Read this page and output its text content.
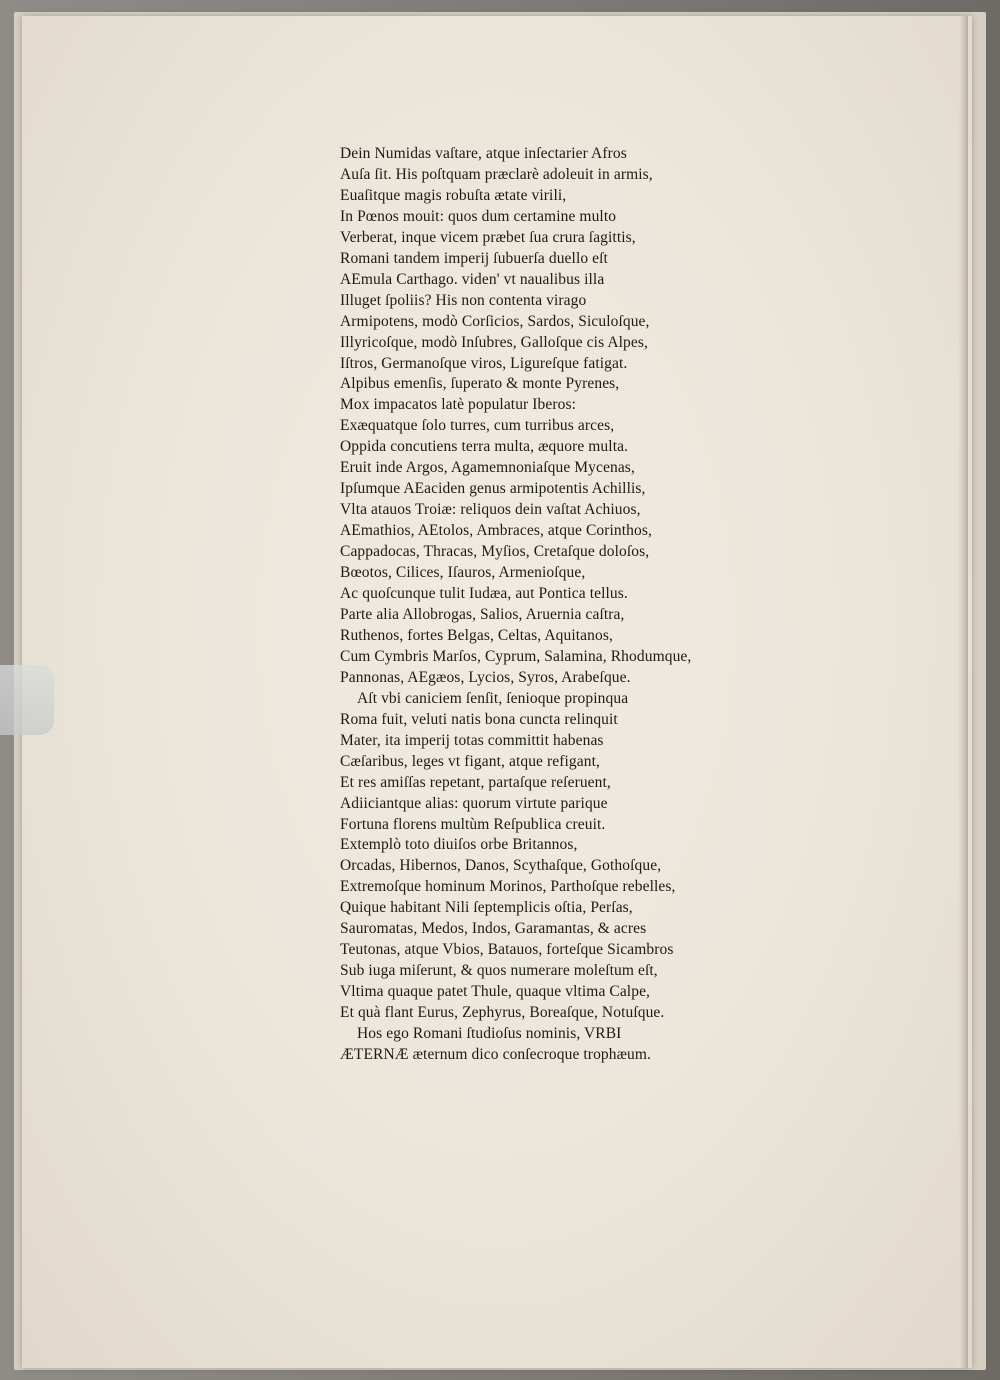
Dein Numidas vaſtare, atque inſectarier Afros

Auſa ſit. His poſtquam præclarè adoleuit in armis,

Euaſitque magis robuſta ætate virili,

In Pœnos mouit: quos dum certamine multo

Verberat, inque vicem præbet ſua crura ſagittis,

Romani tandem imperij ſubuerſa duello eſt

AEmula Carthago. viden' vt naualibus illa

Illuget ſpoliis? His non contenta virago

Armipotens, modò Corſicios, Sardos, Siculoſque,

Illyricoſque, modò Inſubres, Galloſque cis Alpes,

Iſtros, Germanoſque viros, Ligureſque fatigat.

Alpibus emenſis, ſuperato & monte Pyrenes,

Mox impacatos latè populatur Iberos:

Exæquatque ſolo turres, cum turribus arces,

Oppida concutiens terra multa, æquore multa.

Eruit inde Argos, Agamemnoniaſque Mycenas,

Ipſumque AEaciden genus armipotentis Achillis,

Vlta atauos Troiæ: reliquos dein vaſtat Achiuos,

AEmathios, AEtolos, Ambraces, atque Corinthos,

Cappadocas, Thracas, Myſios, Cretaſque doloſos,

Bœotos, Cilices, Iſauros, Armenioſque,

Ac quoſcunque tulit Iudæa, aut Pontica tellus.

Parte alia Allobrogas, Salios, Aruernia caſtra,

Ruthenos, fortes Belgas, Celtas, Aquitanos,

Cum Cymbris Marſos, Cyprum, Salamina, Rhodumque,

Pannonas, AEgæos, Lycios, Syros, Arabeſque.

Aſt vbi caniciem ſenſit, ſenioque propinqua

Roma fuit, veluti natis bona cuncta relinquit

Mater, ita imperij totas committit habenas

Cæſaribus, leges vt figant, atque refigant,

Et res amiſſas repetant, partaſque reſeruent,

Adiiciantque alias: quorum virtute parique

Fortuna florens multùm Reſpublica creuit.

Extemplò toto diuiſos orbe Britannos,

Orcadas, Hibernos, Danos, Scythaſque, Gothoſque,

Extremoſque hominum Morinos, Parthoſque rebelles,

Quique habitant Nili ſeptemplicis oſtia, Perſas,

Sauromatas, Medos, Indos, Garamantas, & acres

Teutonas, atque Vbios, Batauos, forteſque Sicambros

Sub iuga miſerunt, & quos numerare moleſtum eſt,

Vltima quaque patet Thule, quaque vltima Calpe,

Et quà flant Eurus, Zephyrus, Boreaſque, Notuſque.

Hos ego Romani ſtudioſus nominis, VRBI

ÆTERNÆ æternum dico conſecroque trophæum.
